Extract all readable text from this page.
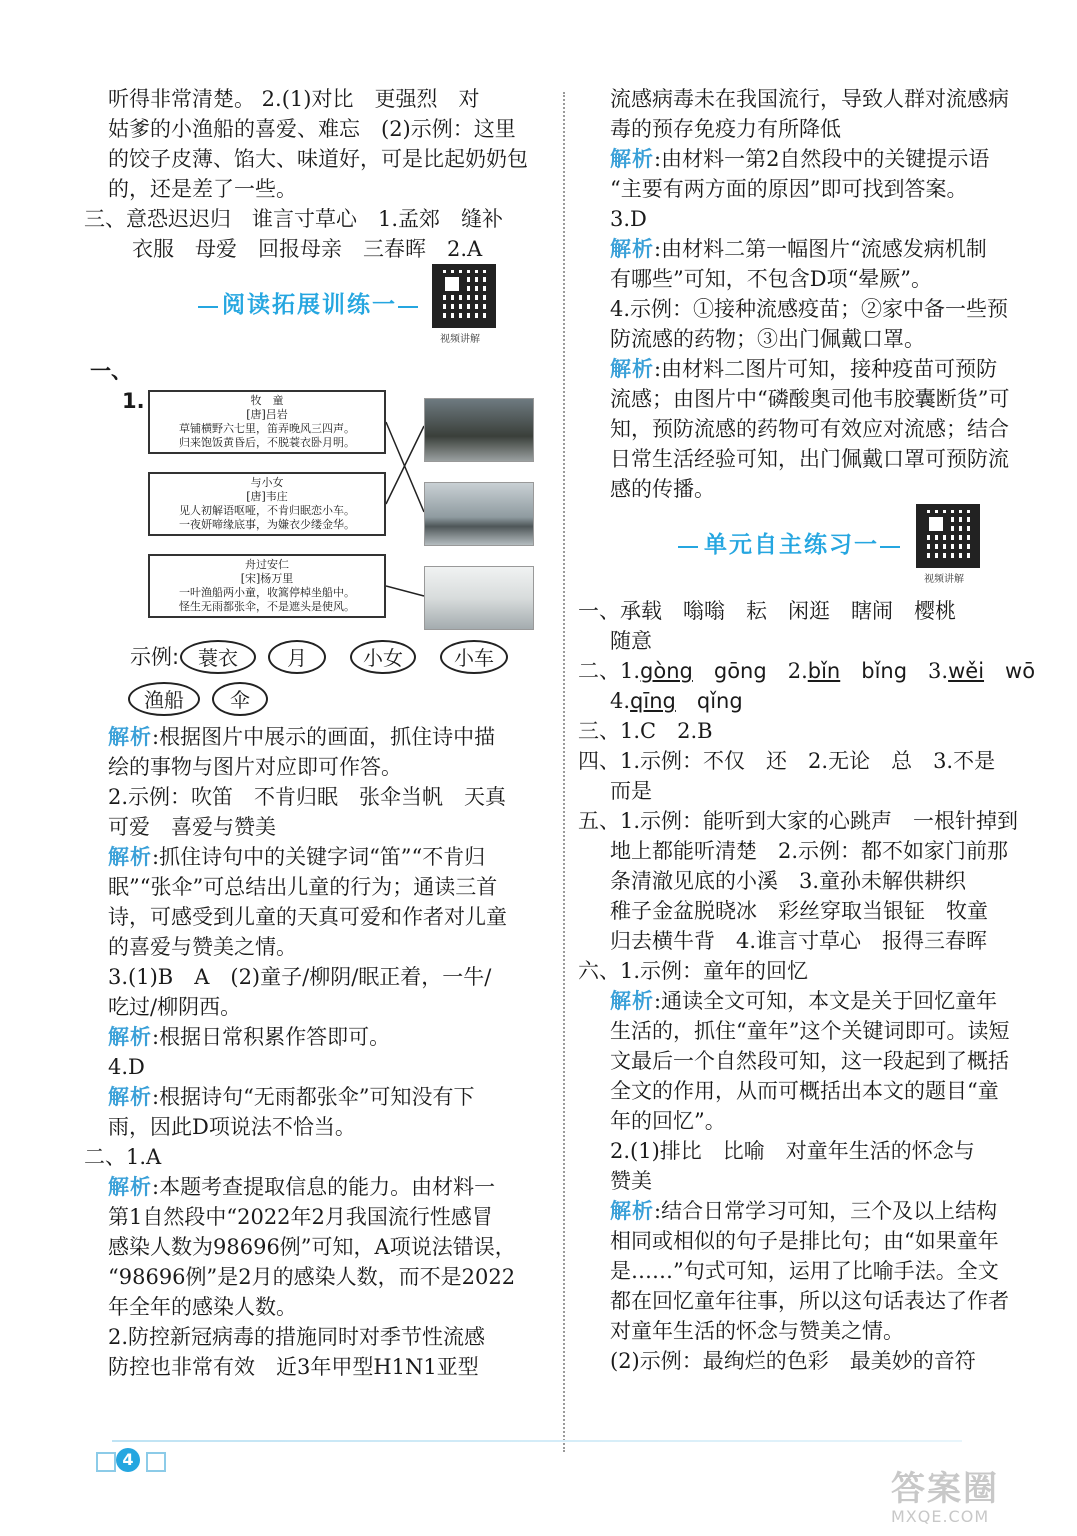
听得非常清楚。 2.(1)对比　更强烈　对
姑爹的小渔船的喜爱、难忘　(2)示例：这里
的饺子皮薄、馅大、味道好，可是比起奶奶包
的，还是差了一些。
三、意恐迟迟归　谁言寸草心　1.孟郊　缝补
衣服　母爱　回报母亲　三春晖　2.A
阅读拓展训练一
视频讲解
一、
1.	牧　童
[唐]吕岩
草铺横野六七里，笛弄晚风三四声。
归来饱饭黄昏后，不脱蓑衣卧月明。
与小女
[唐]韦庄
见人初解语呕哑，不肯归眠恋小车。
一夜妍啼缘底事，为嫌衣少缕金华。
舟过安仁
[宋]杨万里
一叶渔船两小童，收篙停棹坐船中。
怪生无雨都张伞，不是遮头是使风。
示例: 蓑衣	月	小女	小车
渔船	伞
解析:根据图片中展示的画面，抓住诗中描
绘的事物与图片对应即可作答。
2.示例：吹笛　不肯归眠　张伞当帆　天真
可爱　喜爱与赞美
解析:抓住诗句中的关键字词“笛”“不肯归
眠”“张伞”可总结出儿童的行为；通读三首
诗，可感受到儿童的天真可爱和作者对儿童
的喜爱与赞美之情。
3.(1)B　A　(2)童子/柳阴/眠正着，一牛/
吃过/柳阴西。
解析:根据日常积累作答即可。
4.D
解析:根据诗句“无雨都张伞”可知没有下
雨，因此D项说法不恰当。
二、1.A
解析:本题考查提取信息的能力。由材料一
第1自然段中“2022年2月我国流行性感冒
感染人数为98696例”可知，A项说法错误，
“98696例”是2月的感染人数，而不是2022
年全年的感染人数。
2.防控新冠病毒的措施同时对季节性流感
防控也非常有效　近3年甲型H1N1亚型
流感病毒未在我国流行，导致人群对流感病
毒的预存免疫力有所降低
解析:由材料一第2自然段中的关键提示语
“主要有两方面的原因”即可找到答案。
3.D
解析:由材料二第一幅图片“流感发病机制
有哪些”可知，不包含D项“晕厥”。
4.示例：①接种流感疫苗；②家中备一些预
防流感的药物；③出门佩戴口罩。
解析:由材料二图片可知，接种疫苗可预防
流感；由图片中“磷酸奥司他韦胶囊断货”可
知，预防流感的药物可有效应对流感；结合
日常生活经验可知，出门佩戴口罩可预防流
感的传播。
单元自主练习一
视频讲解
一、承载　嗡嗡　耘　闲逛　瞎闹　樱桃
随意
二、1.gòng　 gōng　 2.bǐn　 bǐng　 3.wěi　 wō
4.qīng　 qǐng
三、1.C　2.B
四、1.示例：不仅　还　2.无论　总　3.不是
而是
五、1.示例：能听到大家的心跳声　一根针掉到
地上都能听清楚　2.示例：都不如家门前那
条清澈见底的小溪　3.童孙未解供耕织
稚子金盆脱晓冰　彩丝穿取当银钲　牧童
归去横牛背　4.谁言寸草心　报得三春晖
六、1.示例：童年的回忆
解析:通读全文可知，本文是关于回忆童年
生活的，抓住“童年”这个关键词即可。读短
文最后一个自然段可知，这一段起到了概括
全文的作用，从而可概括出本文的题目“童
年的回忆”。
2.(1)排比　比喻　对童年生活的怀念与
赞美
解析:结合日常学习可知，三个及以上结构
相同或相似的句子是排比句；由“如果童年
是……”句式可知，运用了比喻手法。全文
都在回忆童年往事，所以这句话表达了作者
对童年生活的怀念与赞美之情。
(2)示例：最绚烂的色彩　最美妙的音符
4
答案圈
MXQE.COM
